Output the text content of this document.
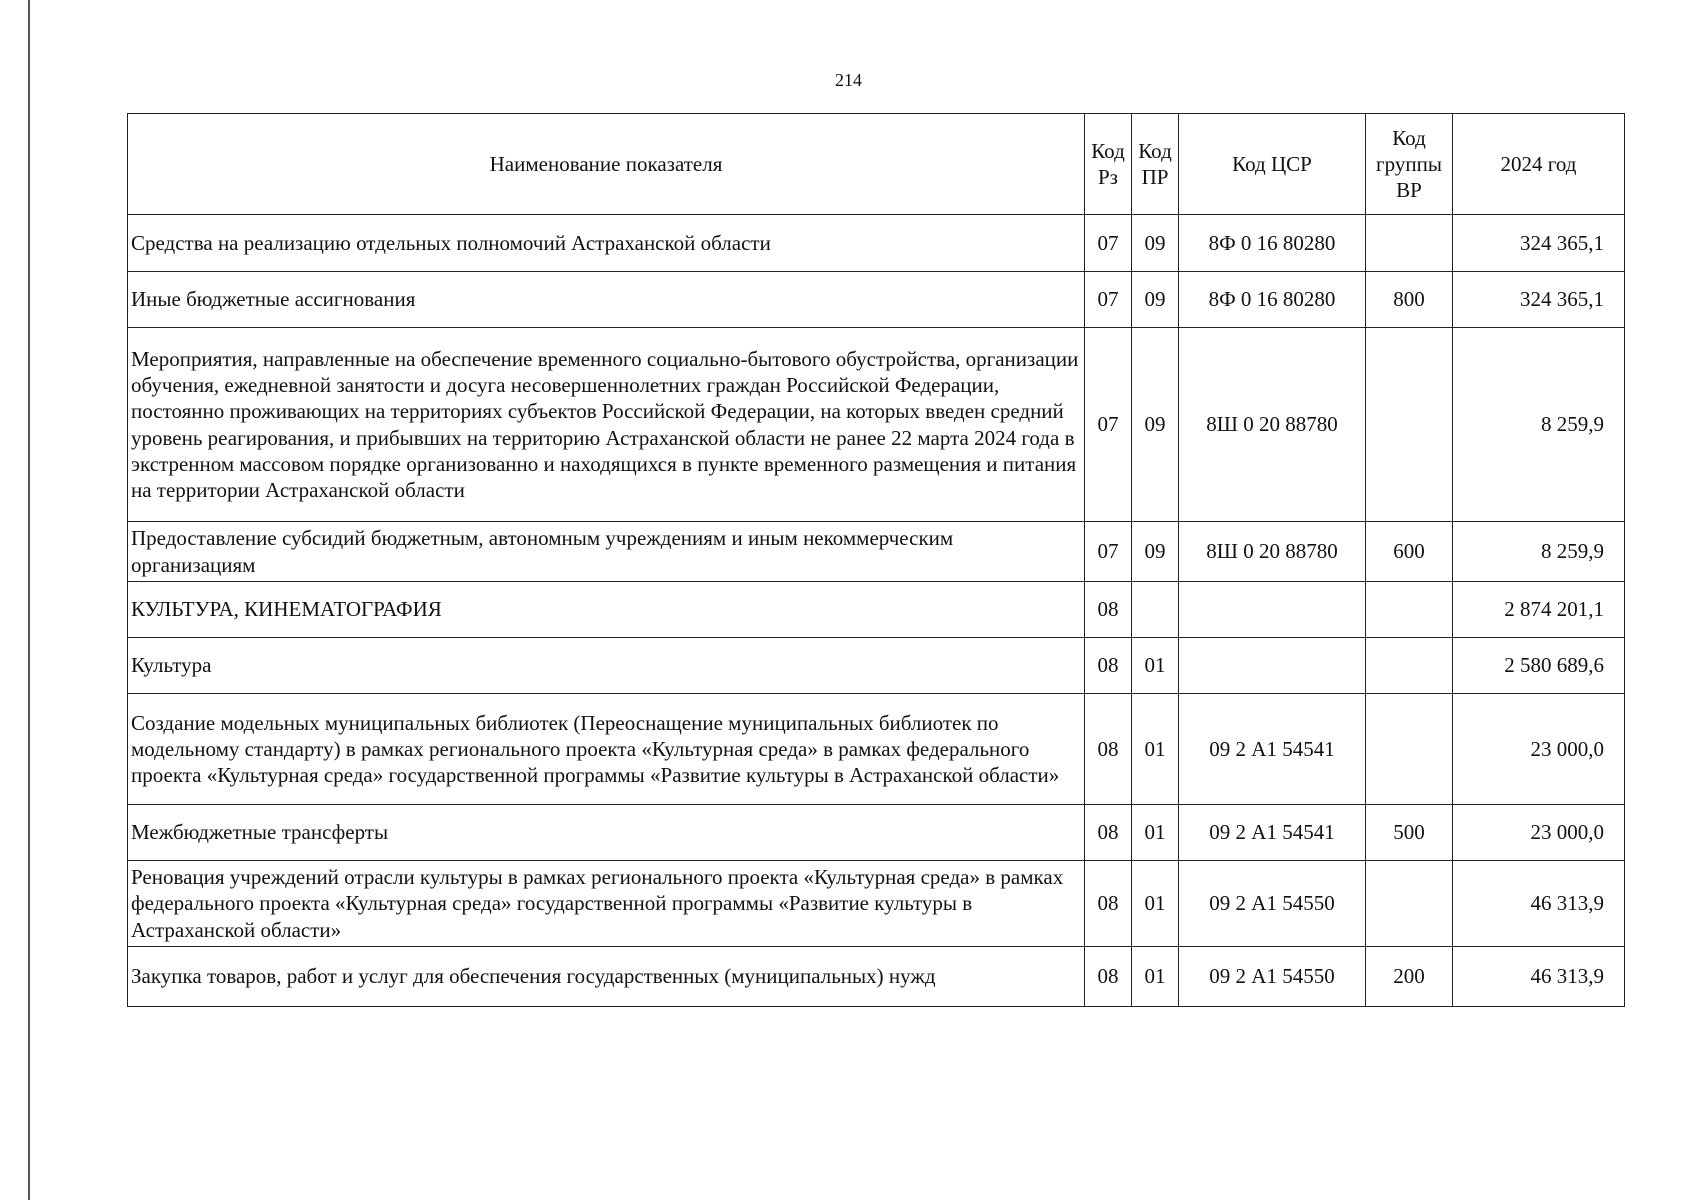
214
Наименование показателя	Код Рз	Код ПР	Код ЦСР	Код группы ВР	2024 год
Средства на реализацию отдельных полномочий Астраханской области	07	09	8Ф 0 16 80280		324 365,1
Иные бюджетные ассигнования	07	09	8Ф 0 16 80280	800	324 365,1
Мероприятия, направленные на обеспечение временного социально-бытового обустройства, организации обучения, ежедневной занятости и досуга несовершеннолетних граждан Российской Федерации, постоянно проживающих на территориях субъектов Российской Федерации, на которых введен средний уровень реагирования, и прибывших на территорию Астраханской области не ранее 22 марта 2024 года в экстренном массовом порядке организованно и находящихся в пункте временного размещения и питания на территории Астраханской области	07	09	8Ш 0 20 88780		8 259,9
Предоставление субсидий бюджетным, автономным учреждениям и иным некоммерческим организациям	07	09	8Ш 0 20 88780	600	8 259,9
КУЛЬТУРА, КИНЕМАТОГРАФИЯ	08				2 874 201,1
Культура	08	01			2 580 689,6
Создание модельных муниципальных библиотек (Переоснащение муниципальных библиотек по модельному стандарту) в рамках регионального проекта «Культурная среда» в рамках федерального проекта «Культурная среда» государственной программы «Развитие культуры в Астраханской области»	08	01	09 2 А1 54541		23 000,0
Межбюджетные трансферты	08	01	09 2 А1 54541	500	23 000,0
Реновация учреждений отрасли культуры в рамках регионального проекта «Культурная среда» в рамках федерального проекта «Культурная среда» государственной программы «Развитие культуры в Астраханской области»	08	01	09 2 А1 54550		46 313,9
Закупка товаров, работ и услуг для обеспечения государственных (муниципальных) нужд	08	01	09 2 А1 54550	200	46 313,9
